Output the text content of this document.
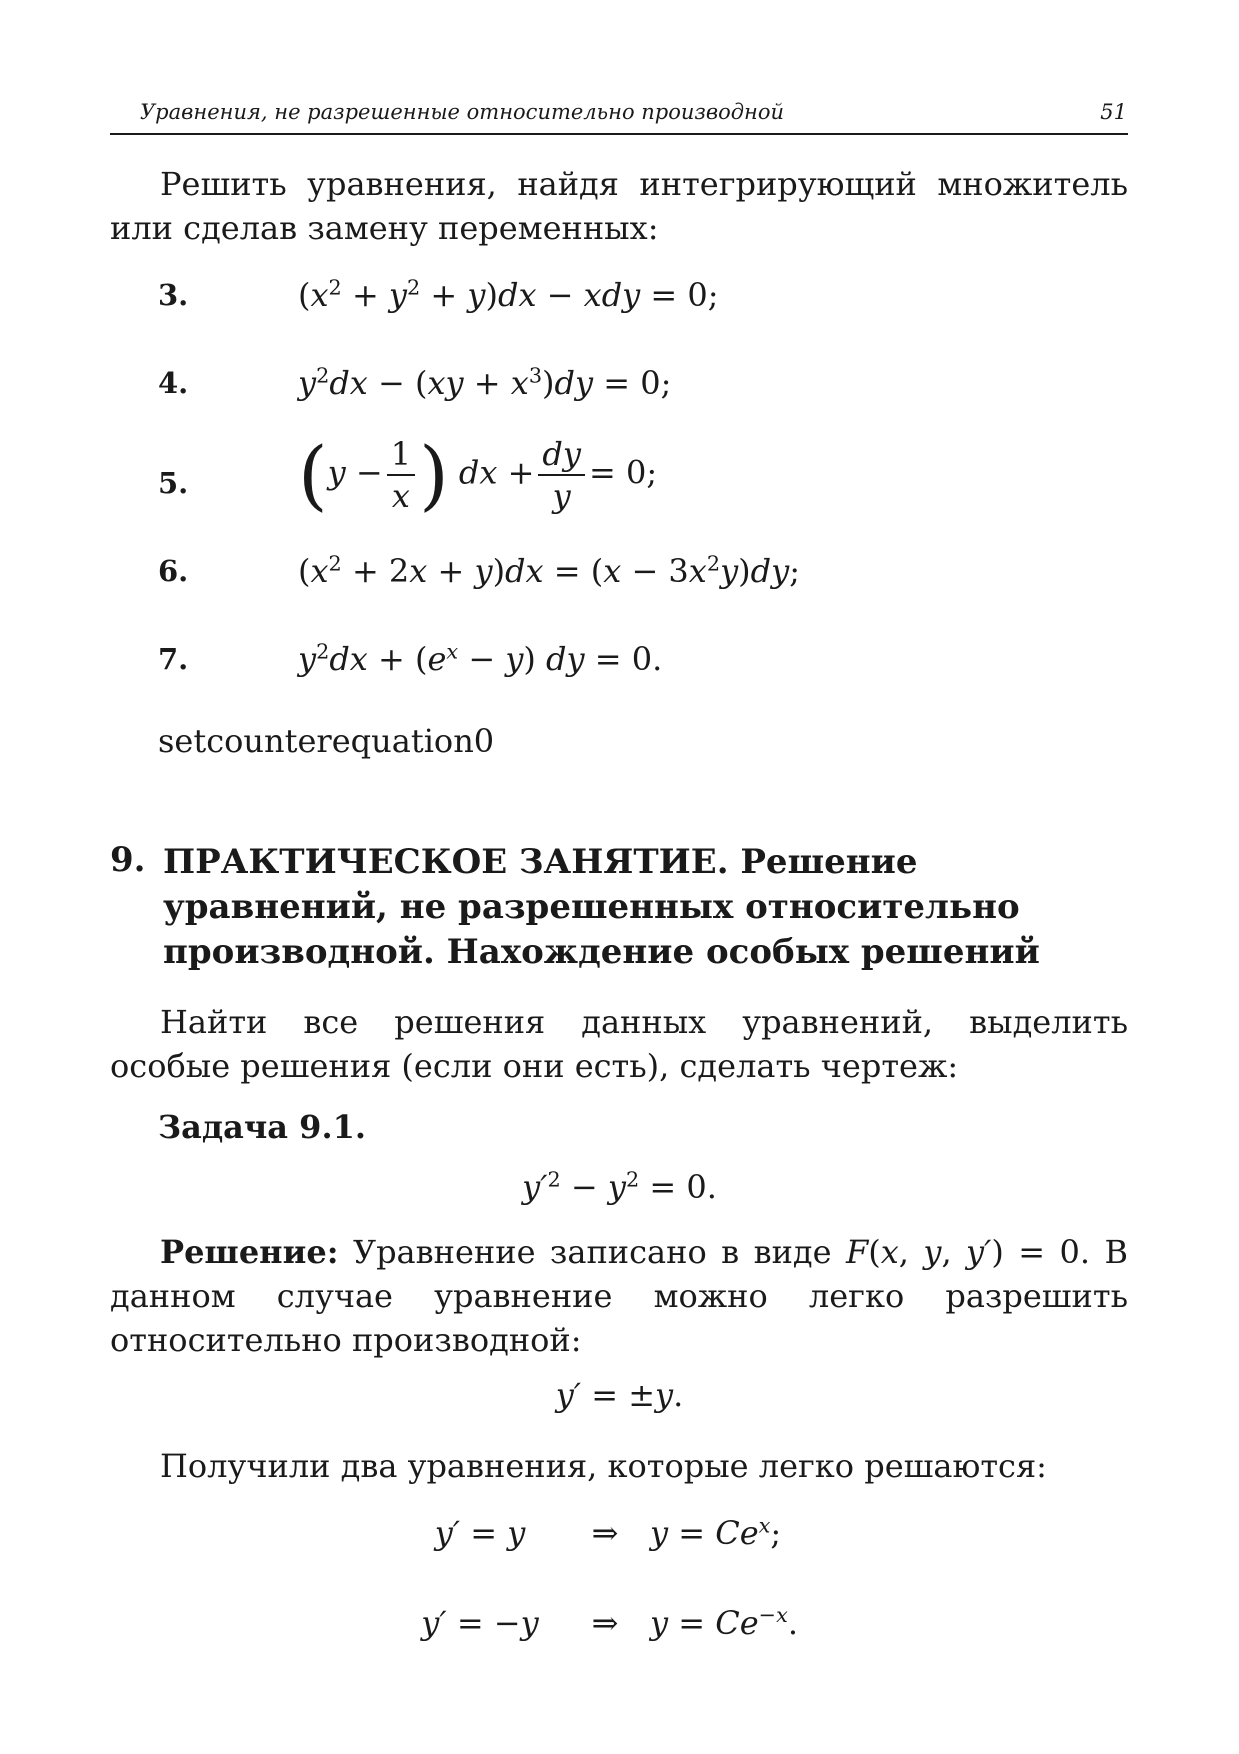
Уравнения, не разрешенные относительно производной	51
Решить уравнения, найдя интегрирующий множитель или сделав замену переменных:
3.	$(x^2 + y^2 + y)dx$ − xdy = 0;
4.	$y^2dx - (xy + x^3)dy = 0$;
5. ($y - \frac{1}{x}$ ) dx + $\frac{dy}{y} = 0$;
6.	$(x^2 + 2x + y)dx = (x - 3x^2y)dy$;
7.	$y^2dx + (e^x - y)$ dy = 0.
setcounterequation0
9. ПРАКТИЧЕСКОЕ ЗАНЯТИЕ. Решение уравнений, не разрешенных относительно производной. Нахождение особых решений
Найти все решения данных уравнений, выделить особые решения (если они есть), сделать чертеж:
Задача 9.1.
$y'^2 - y^2 = 0$.
Решение: Уравнение записано в виде F(x, y, y′) = 0. В данном случае уравнение можно легко разрешить относительно производной:
y′ = ±y.
Получили два уравнения, которые легко решаются:
y′ = y ⇒ $y = Ce^x$;
y′ = −y ⇒ $y = Ce^{-x}$.
